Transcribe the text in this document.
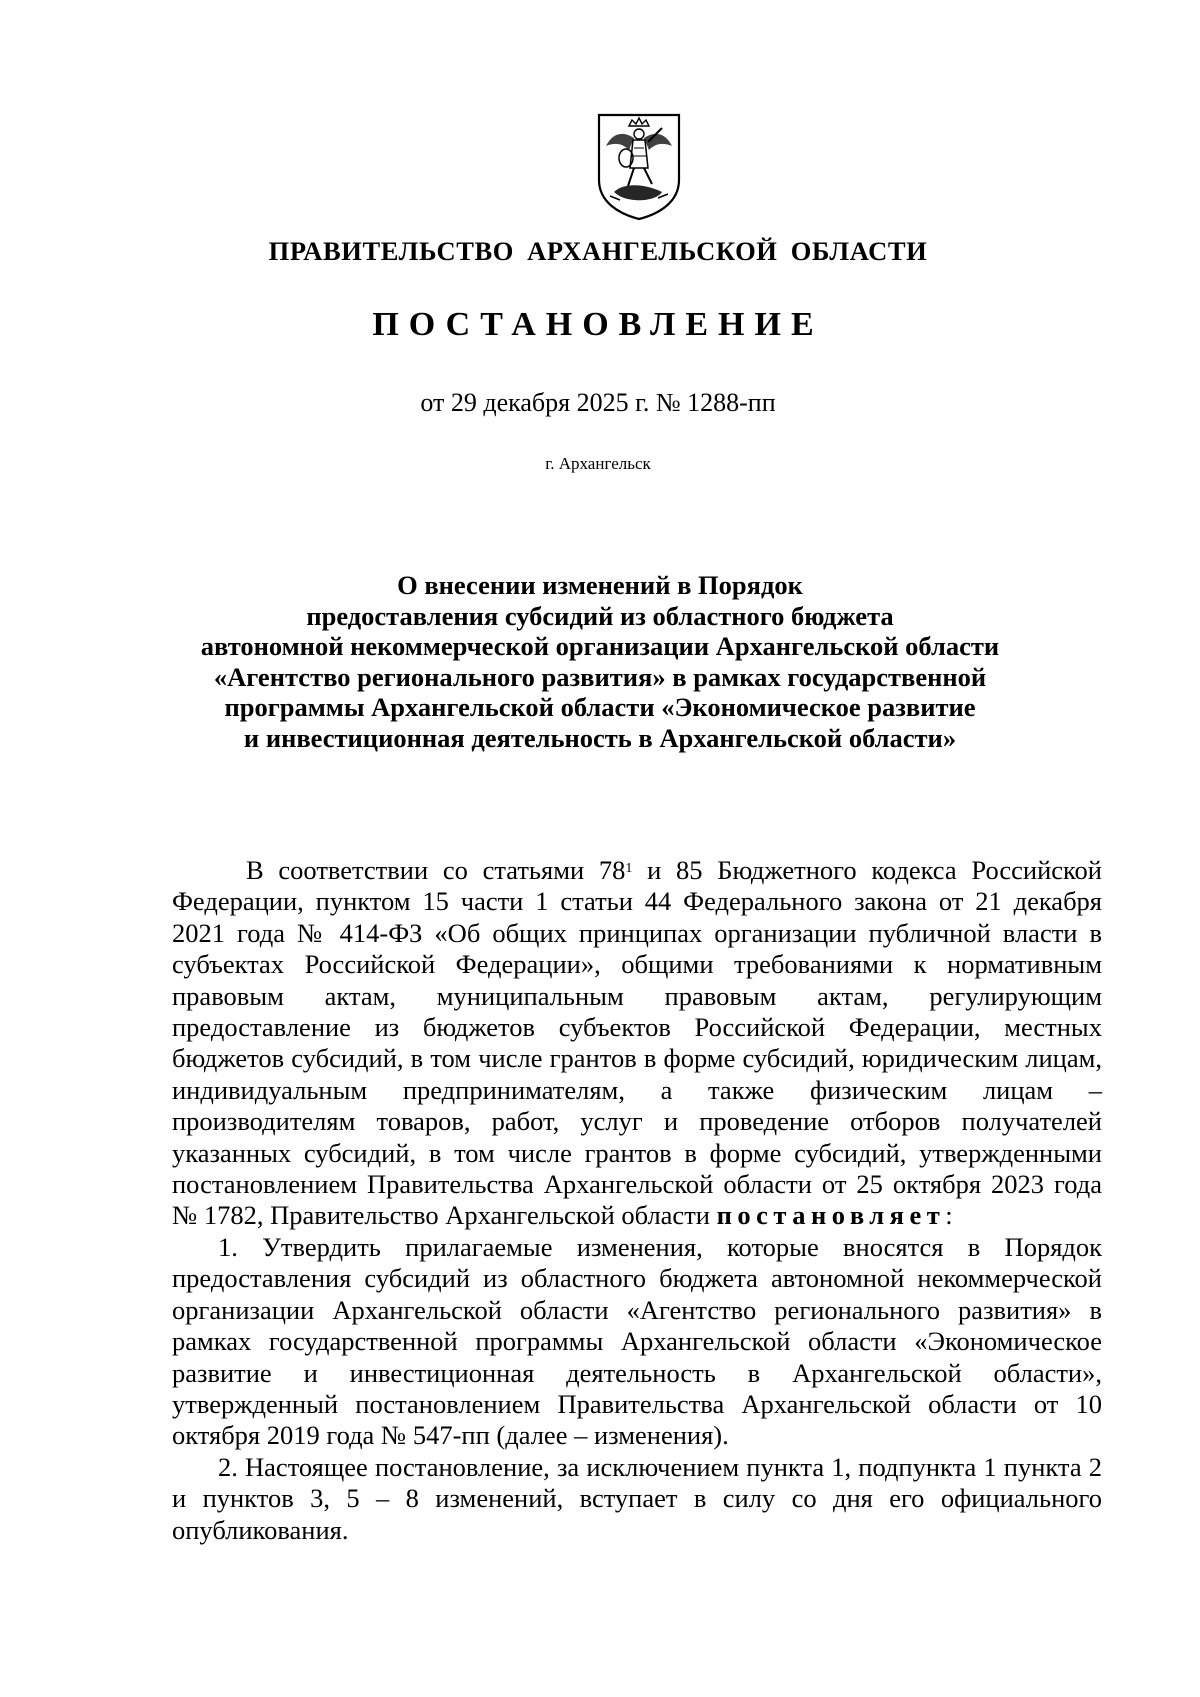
ПРАВИТЕЛЬСТВО АРХАНГЕЛЬСКОЙ ОБЛАСТИ
ПОСТАНОВЛЕНИЕ
от 29 декабря 2025 г. № 1288-пп
г. Архангельск
О внесении изменений в Порядок
предоставления субсидий из областного бюджета
автономной некоммерческой организации Архангельской области
«Агентство регионального развития» в рамках государственной
программы Архангельской области «Экономическое развитие
и инвестиционная деятельность в Архангельской области»

В соответствии со статьями $78^1$ и 85 Бюджетного кодекса Российской Федерации, пунктом 15 части 1 статьи 44 Федерального закона от 21 декабря 2021 года № 414-ФЗ «Об общих принципах организации публичной власти в субъектах Российской Федерации», общими требованиями к нормативным правовым актам, муниципальным правовым актам, регулирующим предоставление из бюджетов субъектов Российской Федерации, местных бюджетов субсидий, в том числе грантов в форме субсидий, юридическим лицам, индивидуальным предпринимателям, а также физическим лицам – производителям товаров, работ, услуг и проведение отборов получателей указанных субсидий, в том числе грантов в форме субсидий, утвержденными постановлением Правительства Архангельской области от 25 октября 2023 года № 1782, Правительство Архангельской области постановляет:

1. Утвердить прилагаемые изменения, которые вносятся в Порядок предоставления субсидий из областного бюджета автономной некоммерческой организации Архангельской области «Агентство регионального развития» в рамках государственной программы Архангельской области «Экономическое развитие и инвестиционная деятельность в Архангельской области», утвержденный постановлением Правительства Архангельской области от 10 октября 2019 года № 547-пп (далее – изменения).

2. Настоящее постановление, за исключением пункта 1, подпункта 1 пункта 2 и пунктов 3, 5 – 8 изменений, вступает в силу со дня его официального опубликования.
